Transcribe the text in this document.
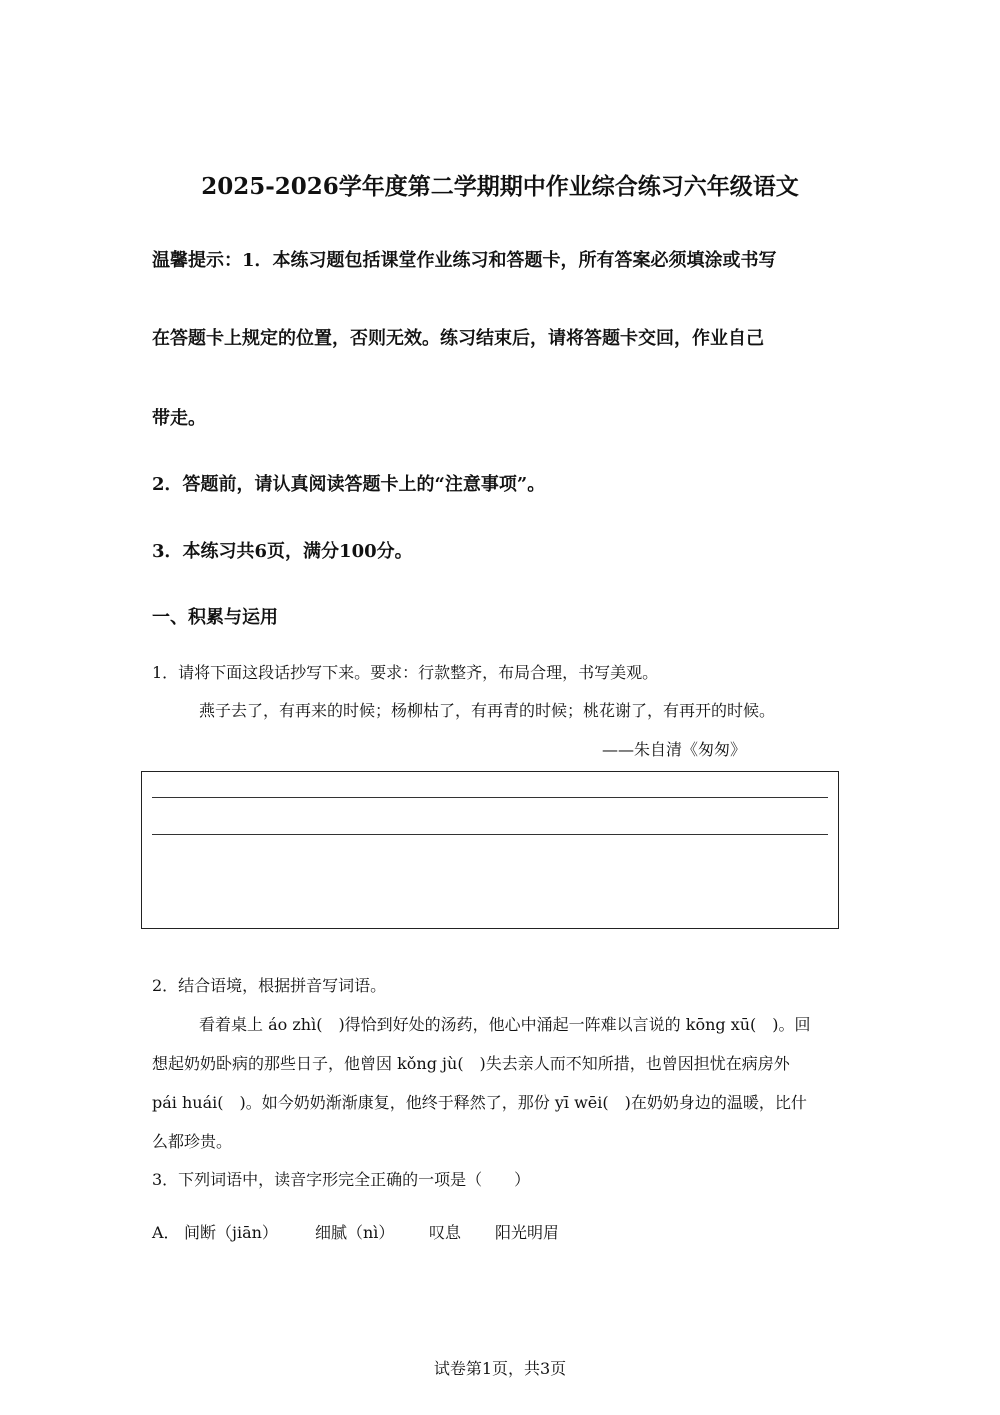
2025-2026学年度第二学期期中作业综合练习六年级语文
温馨提示：1．本练习题包括课堂作业练习和答题卡，所有答案必须填涂或书写
在答题卡上规定的位置，否则无效。练习结束后，请将答题卡交回，作业自己
带走。
2．答题前，请认真阅读答题卡上的“注意事项”。
3．本练习共6页，满分100分。
一、积累与运用
1．请将下面这段话抄写下来。要求：行款整齐，布局合理，书写美观。
燕子去了，有再来的时候；杨柳枯了，有再青的时候；桃花谢了，有再开的时候。
——朱自清《匆匆》
2．结合语境，根据拼音写词语。
看着桌上 áo zhì(　)得恰到好处的汤药，他心中涌起一阵难以言说的 kōng xū(　)。回
想起奶奶卧病的那些日子，他曾因 kǒng jù(　)失去亲人而不知所措，也曾因担忧在病房外
pái huái(　)。如今奶奶渐渐康复，他终于释然了，那份 yī wēi(　)在奶奶身边的温暖，比什
么都珍贵。
3．下列词语中，读音字形完全正确的一项是（　　）
A． 间断（jiān） 细腻（nì） 叹息 阳光明眉
试卷第1页，共3页
